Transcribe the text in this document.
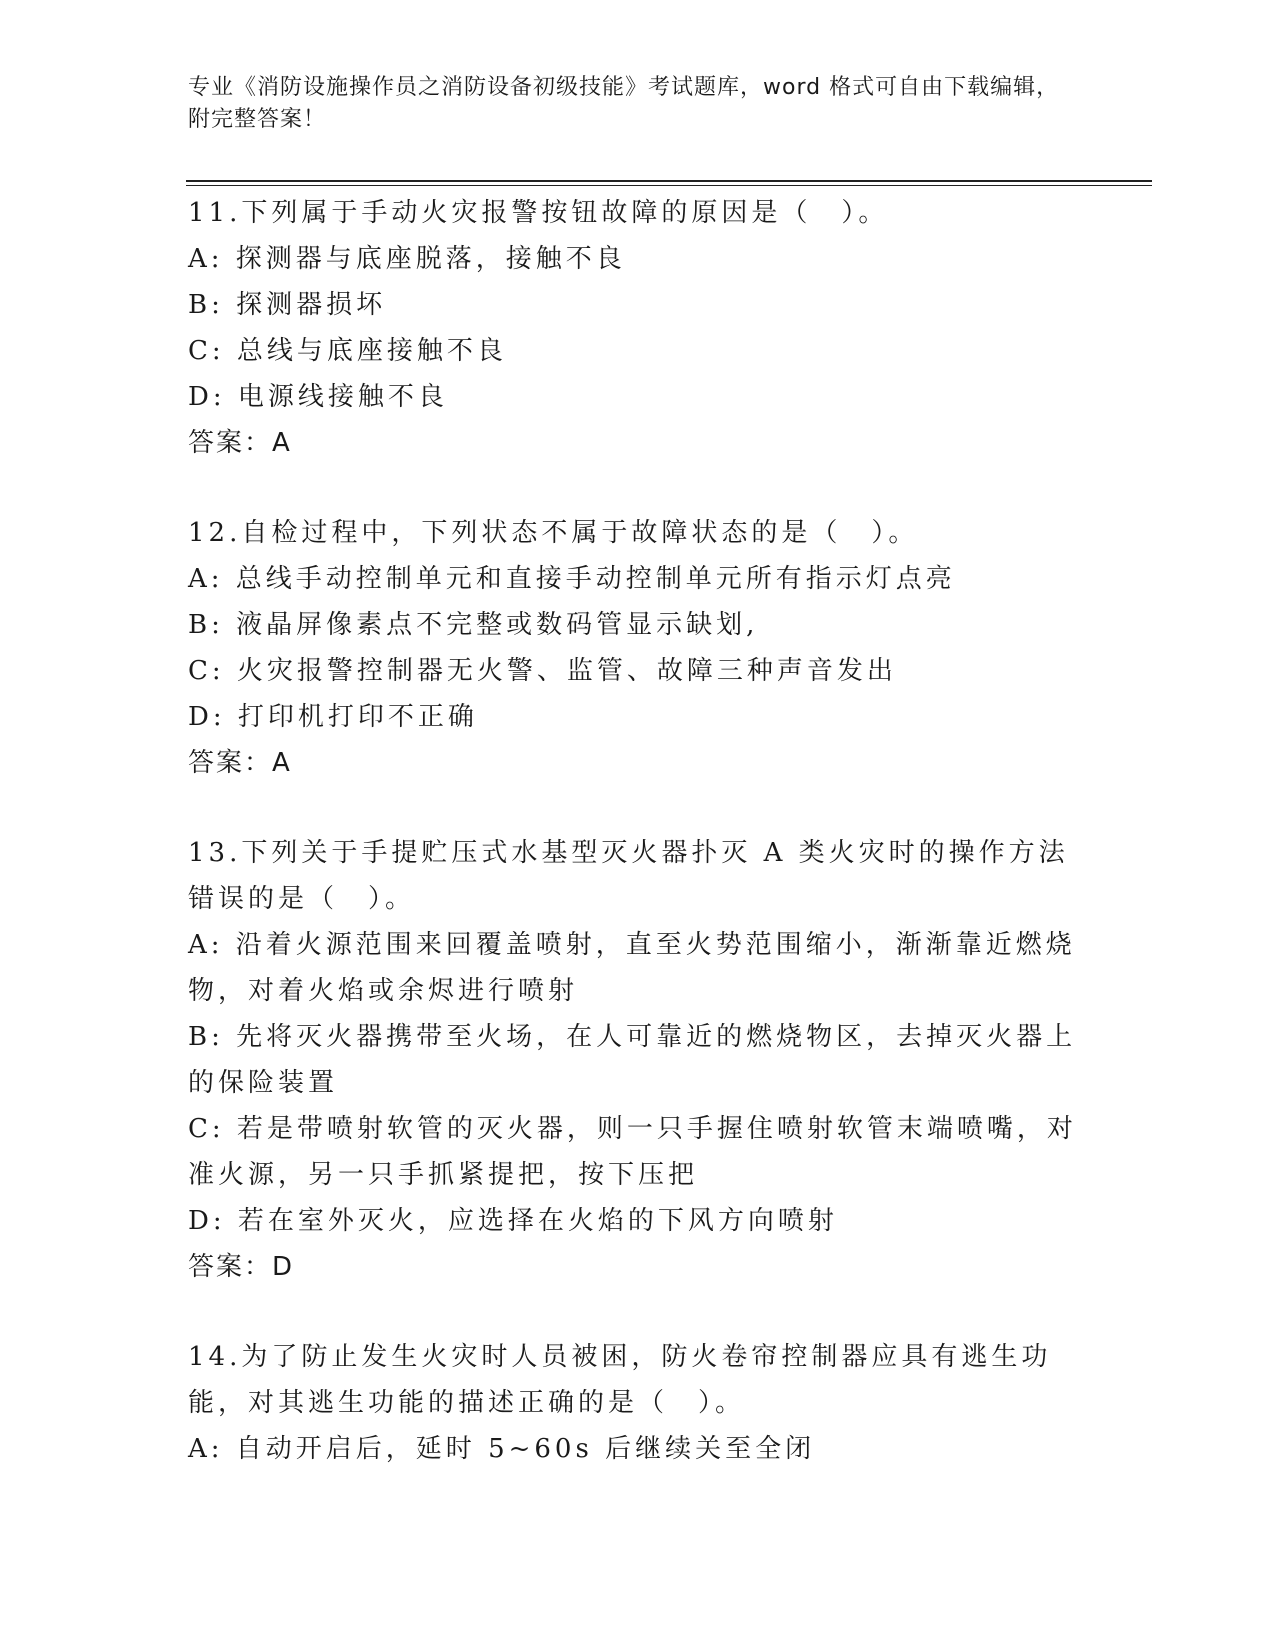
专业《消防设施操作员之消防设备初级技能》考试题库，word 格式可自由下载编辑，附完整答案！
11.下列属于手动火灾报警按钮故障的原因是（　）。
A: 探测器与底座脱落，接触不良
B: 探测器损坏
C: 总线与底座接触不良
D: 电源线接触不良
答案：A
12.自检过程中，下列状态不属于故障状态的是（　）。
A: 总线手动控制单元和直接手动控制单元所有指示灯点亮
B: 液晶屏像素点不完整或数码管显示缺划,
C: 火灾报警控制器无火警、监管、故障三种声音发出
D: 打印机打印不正确
答案：A
13.下列关于手提贮压式水基型灭火器扑灭 A 类火灾时的操作方法错误的是（　）。
A: 沿着火源范围来回覆盖喷射，直至火势范围缩小，渐渐靠近燃烧物，对着火焰或余烬进行喷射
B: 先将灭火器携带至火场，在人可靠近的燃烧物区，去掉灭火器上的保险装置
C: 若是带喷射软管的灭火器，则一只手握住喷射软管末端喷嘴，对准火源，另一只手抓紧提把，按下压把
D: 若在室外灭火，应选择在火焰的下风方向喷射
答案：D
14.为了防止发生火灾时人员被困，防火卷帘控制器应具有逃生功能，对其逃生功能的描述正确的是（　）。
A: 自动开启后，延时 5~60s 后继续关至全闭
